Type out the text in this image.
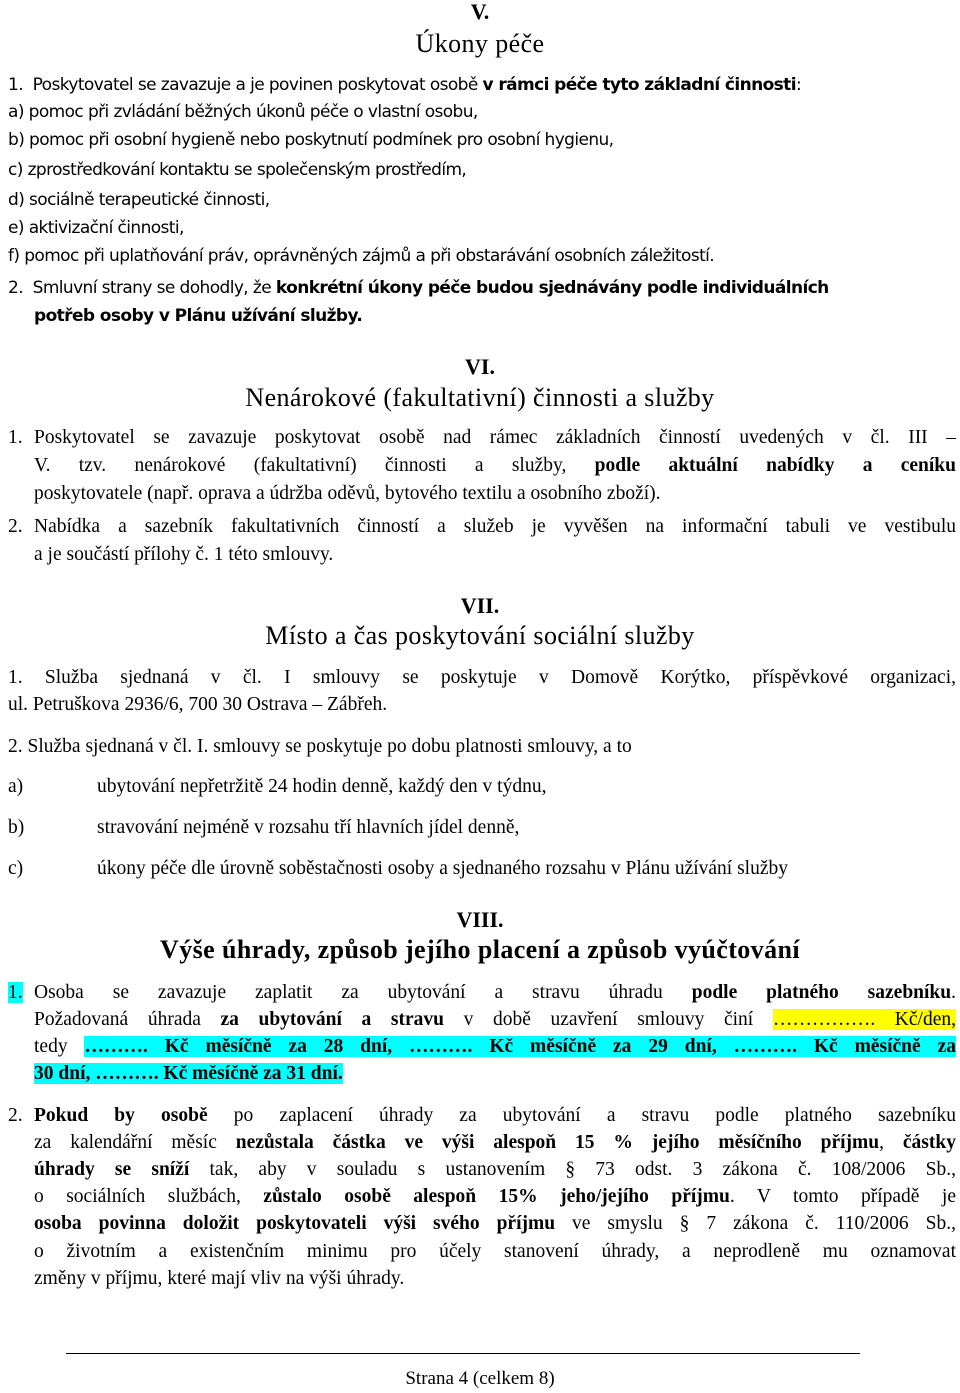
V.
Úkony péče
1. Poskytovatel se zavazuje a je povinen poskytovat osobě v rámci péče tyto základní činnosti:
a) pomoc při zvládání běžných úkonů péče o vlastní osobu,
b) pomoc při osobní hygieně nebo poskytnutí podmínek pro osobní hygienu,
c) zprostředkování kontaktu se společenským prostředím,
d) sociálně terapeutické činnosti,
e) aktivizační činnosti,
f) pomoc při uplatňování práv, oprávněných zájmů a při obstarávání osobních záležitostí.
2. Smluvní strany se dohodly, že konkrétní úkony péče budou sjednávány podle individuálních
potřeb osoby v Plánu užívání služby.
VI.
Nenárokové (fakultativní) činnosti a služby
1. Poskytovatel se zavazuje poskytovat osobě nad rámec základních činností uvedených v čl. III –
V. tzv. nenárokové (fakultativní) činnosti a služby, podle aktuální nabídky a ceníku
poskytovatele (např. oprava a údržba oděvů, bytového textilu a osobního zboží).
2. Nabídka a sazebník fakultativních činností a služeb je vyvěšen na informační tabuli ve vestibulu
a je součástí přílohy č. 1 této smlouvy.
VII.
Místo a čas poskytování sociální služby
1. Služba sjednaná v čl. I smlouvy se poskytuje v Domově Korýtko, příspěvkové organizaci,
ul. Petruškova 2936/6, 700 30 Ostrava – Zábřeh.
2. Služba sjednaná v čl. I. smlouvy se poskytuje po dobu platnosti smlouvy, a to
a)	ubytování nepřetržitě 24 hodin denně, každý den v týdnu,
b)	stravování nejméně v rozsahu tří hlavních jídel denně,
c)	úkony péče dle úrovně soběstačnosti osoby a sjednaného rozsahu v Plánu užívání služby
VIII.
Výše úhrady, způsob jejího placení a způsob vyúčtování
1. Osoba se zavazuje zaplatit za ubytování a stravu úhradu podle platného sazebníku.
Požadovaná úhrada za ubytování a stravu v době uzavření smlouvy činí ……………. Kč/den,
tedy ………. Kč měsíčně za 28 dní, ………. Kč měsíčně za 29 dní, ………. Kč měsíčně za
30 dní, ………. Kč měsíčně za 31 dní.
2. Pokud by osobě po zaplacení úhrady za ubytování a stravu podle platného sazebníku
za kalendářní měsíc nezůstala částka ve výši alespoň 15 % jejího měsíčního příjmu, částky
úhrady se sníží tak, aby v souladu s ustanovením § 73 odst. 3 zákona č. 108/2006 Sb.,
o sociálních službách, zůstalo osobě alespoň 15% jeho/jejího příjmu. V tomto případě je
osoba povinna doložit poskytovateli výši svého příjmu ve smyslu § 7 zákona č. 110/2006 Sb.,
o životním a existenčním minimu pro účely stanovení úhrady, a neprodleně mu oznamovat
změny v příjmu, které mají vliv na výši úhrady.
Strana 4 (celkem 8)
